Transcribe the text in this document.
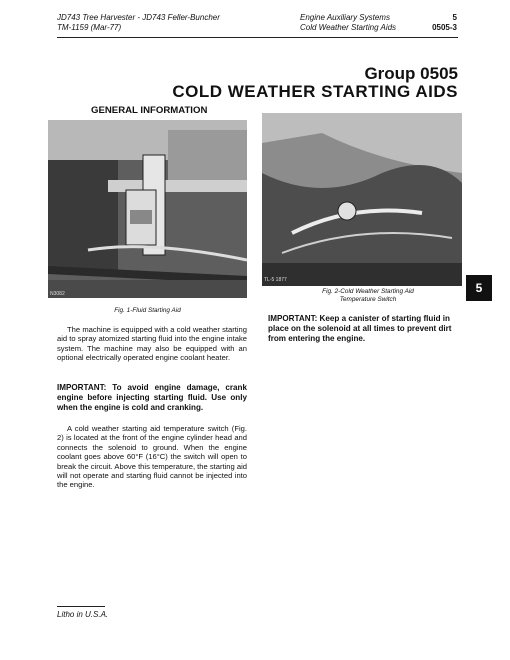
JD743 Tree Harvester - JD743 Feller-Buncher
TM-1159 (Mar-77)
Engine Auxiliary Systems	5
Cold Weather Starting Aids	0505-3
Group 0505
COLD WEATHER STARTING AIDS
GENERAL INFORMATION
N3082
Fig. 1-Fluid Starting Aid
TL-5 1877
Fig. 2-Cold Weather Starting Aid
Temperature Switch
The machine is equipped with a cold weather starting aid to spray atomized starting fluid into the engine intake system. The machine may also be equipped with an optional electrically operated engine coolant heater.
IMPORTANT: To avoid engine damage, crank engine before injecting starting fluid. Use only when the engine is cold and cranking.
A cold weather starting aid temperature switch (Fig. 2) is located at the front of the engine cylinder head and connects the solenoid to ground. When the engine coolant goes above 60°F (16°C) the switch will open to break the circuit. Above this temperature, the starting aid will not operate and starting fluid cannot be injected into the engine.
IMPORTANT: Keep a canister of starting fluid in place on the solenoid at all times to prevent dirt from entering the engine.
5
Litho in U.S.A.
